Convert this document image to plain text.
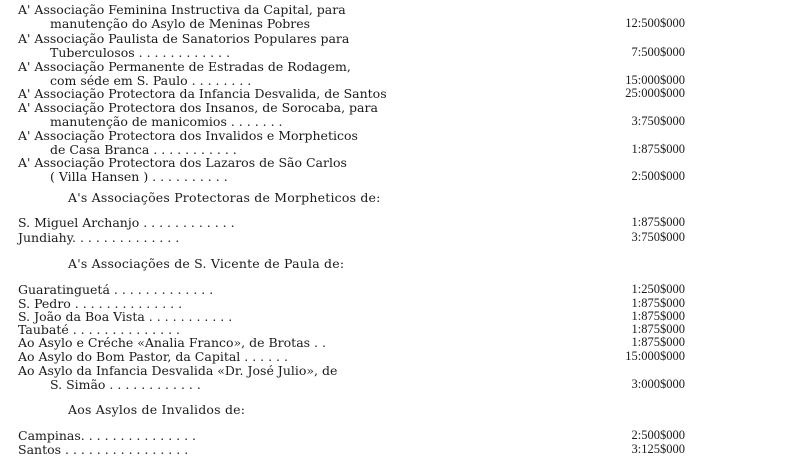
A' Associação Feminina Instructiva da Capital, para
manutenção do Asylo de Meninas Pobres	12:500$000
A' Associação Paulista de Sanatorios Populares para
Tuberculosos . . . . . . . . . . . .	7:500$000
A' Associação Permanente de Estradas de Rodagem,
com séde em S. Paulo . . . . . . . .	15:000$000
A' Associação Protectora da Infancia Desvalida, de Santos	25:000$000
A' Associação Protectora dos Insanos, de Sorocaba, para
manutenção de manicomios . . . . . . .	3:750$000
A' Associação Protectora dos Invalidos e Morpheticos
de Casa Branca . . . . . . . . . . .	1:875$000
A' Associação Protectora dos Lazaros de São Carlos
( Villa Hansen ) . . . . . . . . . .	2:500$000
A's Associações Protectoras de Morpheticos de:
S. Miguel Archanjo . . . . . . . . . . . .	1:875$000
Jundiahy. . . . . . . . . . . . . .	3:750$000
A's Associações de S. Vicente de Paula de:
Guaratinguetá . . . . . . . . . . . . .	1:250$000
S. Pedro . . . . . . . . . . . . . .	1:875$000
S. João da Boa Vista . . . . . . . . . . .	1:875$000
Taubaté . . . . . . . . . . . . . .	1:875$000
Ao Asylo e Créche «Analia Franco», de Brotas . .	1:875$000
Ao Asylo do Bom Pastor, da Capital . . . . . .	15:000$000
Ao Asylo da Infancia Desvalida «Dr. José Julio», de
S. Simão . . . . . . . . . . . .	3:000$000
Aos Asylos de Invalidos de:
Campinas. . . . . . . . . . . . . . .	2:500$000
Santos . . . . . . . . . . . . . . . .	3:125$000
